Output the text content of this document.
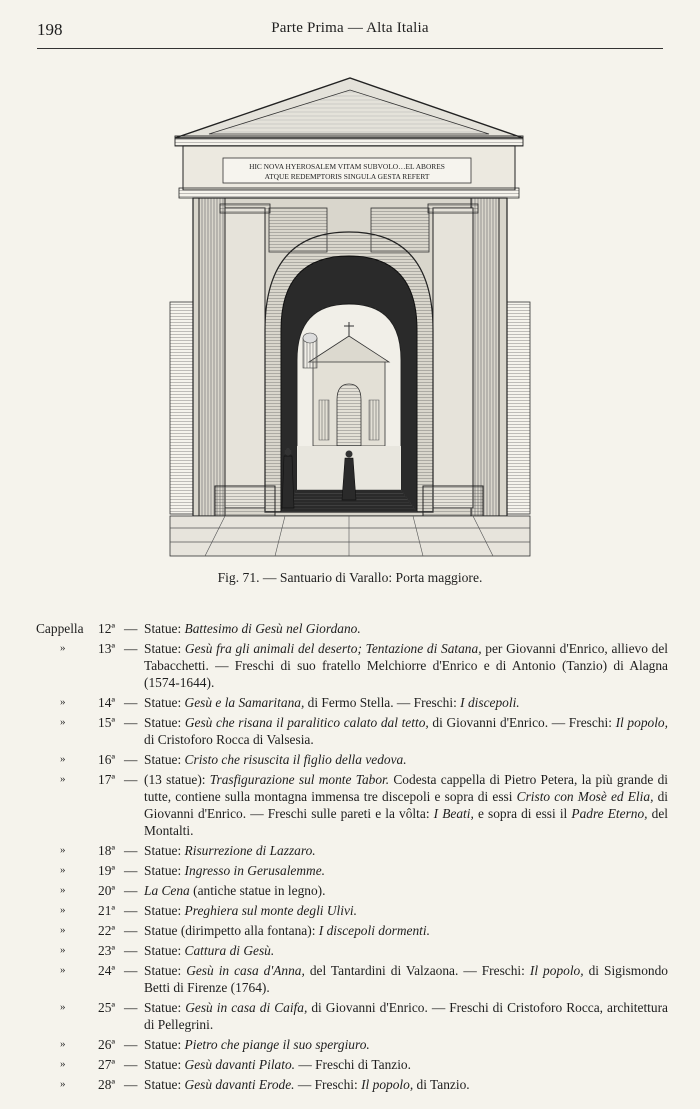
198	Parte Prima — Alta Italia
HIC NOVA HYEROSALEM VITAM SUBVOLO…EL ABORES
ATQUE REDEMPTORIS SINGULA GESTA REFERT
Fig. 71. — Santuario di Varallo: Porta maggiore.
Cappella	12ª — Statue: Battesimo di Gesù nel Giordano.
» 13ª — Statue: Gesù fra gli animali del deserto; Tentazione di Satana, per Giovanni d'Enrico, allievo del Tabacchetti. — Freschi di suo fratello Melchiorre d'Enrico e di Antonio (Tanzio) di Alagna (1574-1644).
» 14ª — Statue: Gesù e la Samaritana, di Fermo Stella. — Freschi: I discepoli.
» 15ª — Statue: Gesù che risana il paralitico calato dal tetto, di Giovanni d'Enrico. — Freschi: Il popolo, di Cristoforo Rocca di Valsesia.
» 16ª — Statue: Cristo che risuscita il figlio della vedova.
» 17ª — (13 statue): Trasfigurazione sul monte Tabor. Codesta cappella di Pietro Petera, la più grande di tutte, contiene sulla montagna immensa tre discepoli e sopra di essi Cristo con Mosè ed Elia, di Giovanni d'Enrico. — Freschi sulle pareti e la vôlta: I Beati, e sopra di essi il Padre Eterno, del Montalti.
» 18ª — Statue: Risurrezione di Lazzaro.
» 19ª — Statue: Ingresso in Gerusalemme.
» 20ª — La Cena (antiche statue in legno).
» 21ª — Statue: Preghiera sul monte degli Ulivi.
» 22ª — Statue (dirimpetto alla fontana): I discepoli dormenti.
» 23ª — Statue: Cattura di Gesù.
» 24ª — Statue: Gesù in casa d'Anna, del Tantardini di Valzaona. — Freschi: Il popolo, di Sigismondo Betti di Firenze (1764).
» 25ª — Statue: Gesù in casa di Caifa, di Giovanni d'Enrico. — Freschi di Cristoforo Rocca, architettura di Pellegrini.
» 26ª — Statue: Pietro che piange il suo spergiuro.
» 27ª — Statue: Gesù davanti Pilato. — Freschi di Tanzio.
» 28ª — Statue: Gesù davanti Erode. — Freschi: Il popolo, di Tanzio.
